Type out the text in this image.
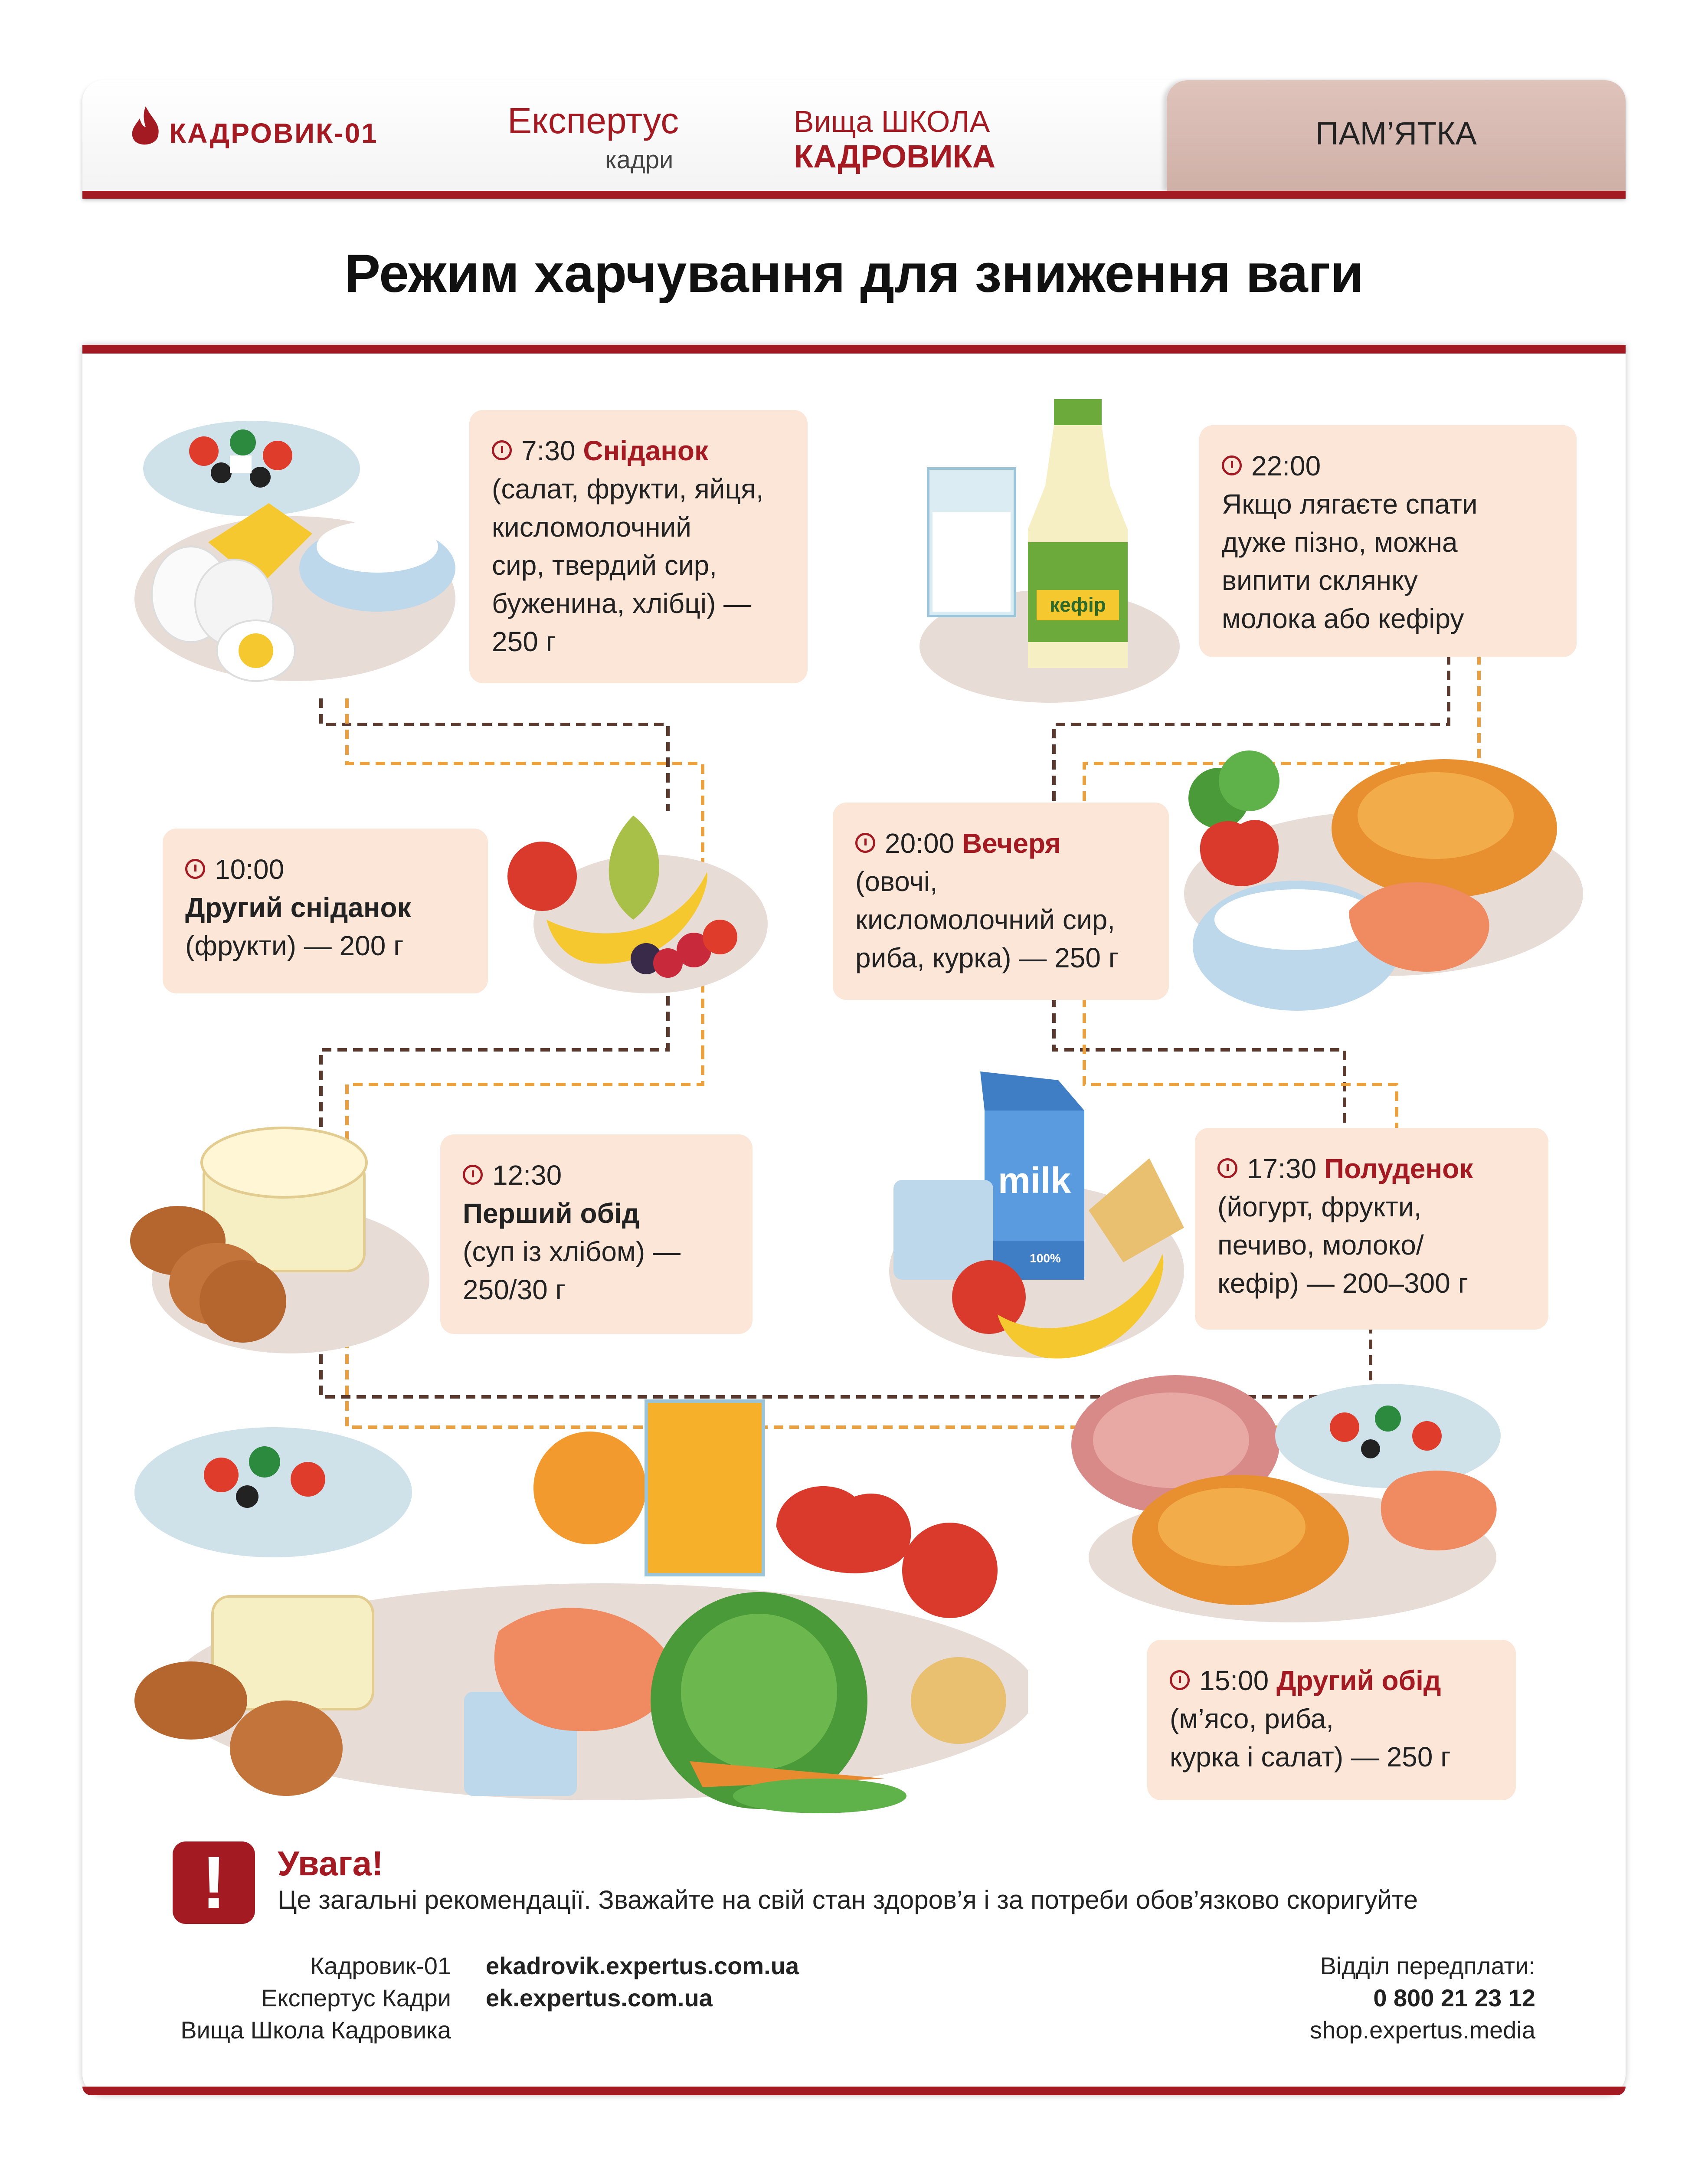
КАДРОВИК-01	Експертус
кадри
Вища ШКОЛА
КАДРОВИКА
ПАМ’ЯТКА
Режим харчування для зниження ваги
кефір
milk
100%

7:30 Сніданок

(салат, фрукти, яйця,

кисломолочний

сир, твердий сир,

буженина, хлібці) —

250 г

22:00

Якщо лягаєте спати

дуже пізно, можна

випити склянку

молока або кефіру

10:00

Другий сніданок

(фрукти) — 200 г

20:00 Вечеря

(овочі,

кисломолочний сир,

риба, курка) — 250 г

12:30

Перший обід

(суп із хлібом) —

250/30 г

17:30 Полуденок

(йогурт, фрукти,

печиво, молоко/

кефір) — 200–300 г

15:00 Другий обід

(м’ясо, риба,

курка і салат) — 250 г

!	Увага!
Це загальні рекомендації. Зважайте на свій стан здоров’я і за потреби обов’язково скоригуйте
Кадровик-01
Експертус Кадри
Вища Школа Кадровика
ekadrovik.expertus.com.ua
ek.expertus.com.ua
Відділ передплати:
0 800 21 23 12
shop.expertus.media
